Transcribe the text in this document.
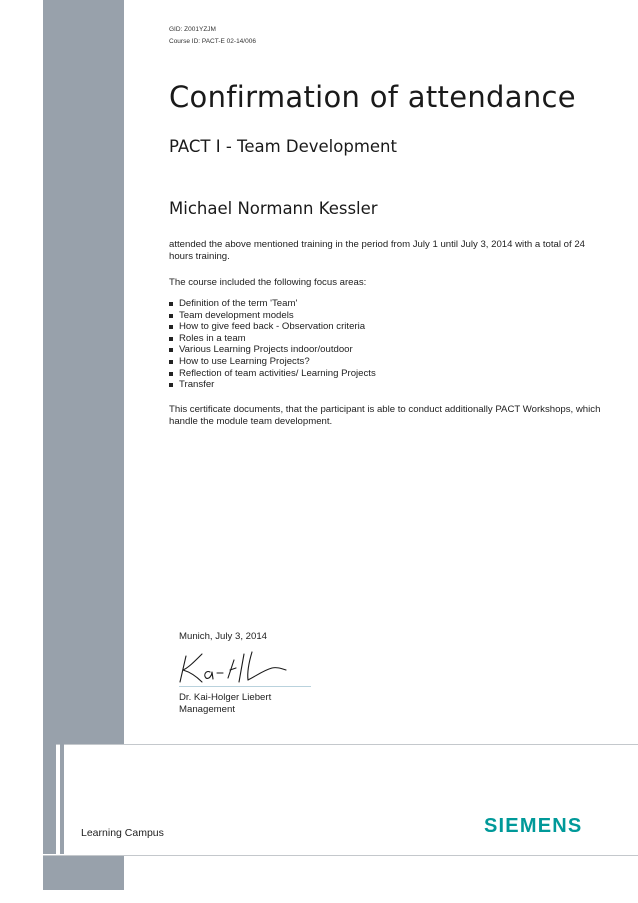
GID: Z001YZJM
Course ID: PACT-E 02-14/006
Confirmation of attendance
PACT I - Team Development
Michael Normann Kessler

attended the above mentioned training in the period from July 1 until July 3, 2014 with a total of 24 hours training.

The course included the following focus areas:

Definition of the term 'Team'
Team development models
How to give feed back - Observation criteria
Roles in a team
Various Learning Projects indoor/outdoor
How to use Learning Projects?
Reflection of team activities/ Learning Projects
Transfer

This certificate documents, that the participant is able to conduct additionally PACT Workshops, which handle the module team development.

Munich, July 3, 2014
Dr. Kai-Holger Liebert
Management
Learning Campus	SIEMENS
